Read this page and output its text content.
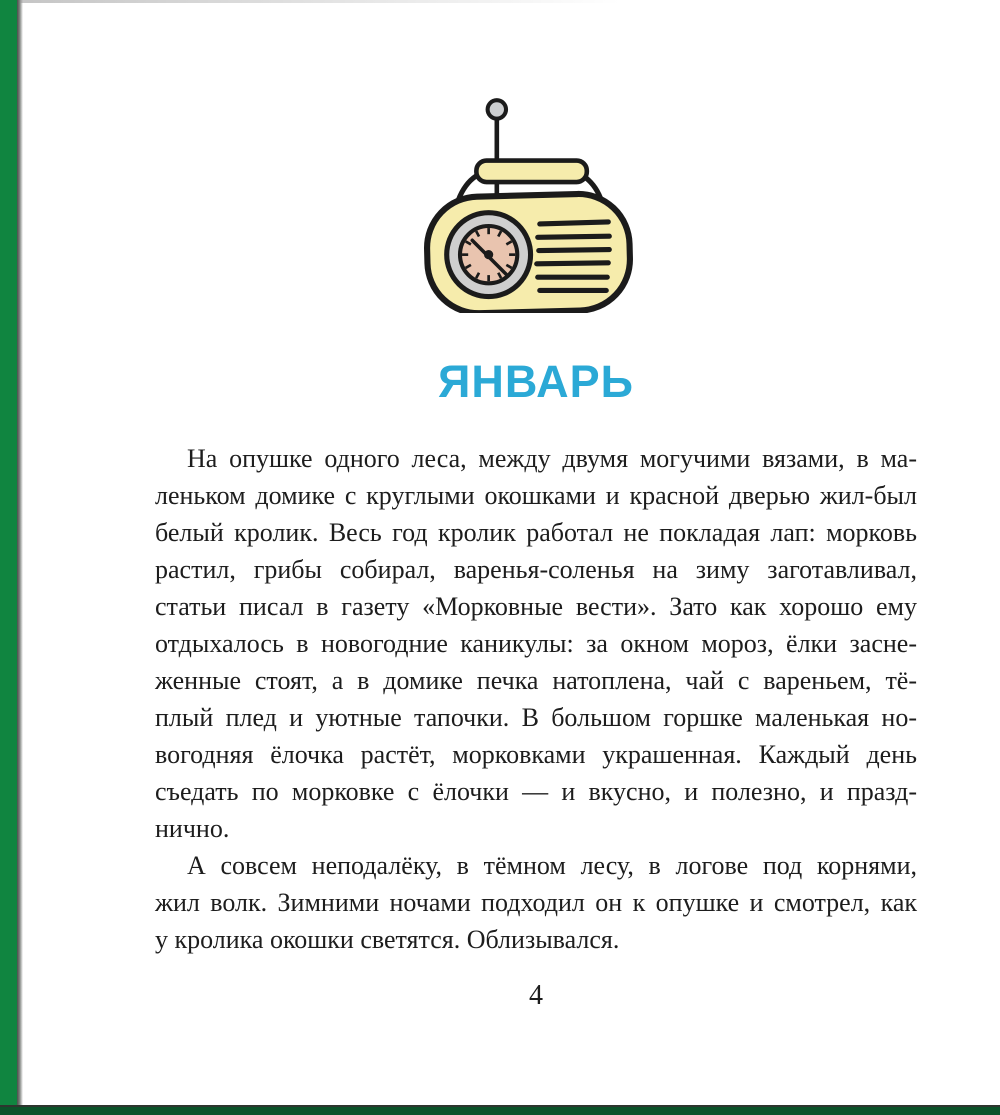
ЯНВАРЬ
На опушке одного леса, между двумя могучими вязами, в ма-
леньком домике с круглыми окошками и красной дверью жил-был
белый кролик. Весь год кролик работал не покладая лап: морковь
растил, грибы собирал, варенья-соленья на зиму заготавливал,
статьи писал в газету «Морковные вести». Зато как хорошо ему
отдыхалось в новогодние каникулы: за окном мороз, ёлки засне-
женные стоят, а в домике печка натоплена, чай с вареньем, тё-
плый плед и уютные тапочки. В большом горшке маленькая но-
вогодняя ёлочка растёт, морковками украшенная. Каждый день
съедать по морковке с ёлочки — и вкусно, и полезно, и празд-
нично.
А совсем неподалёку, в тёмном лесу, в логове под корнями,
жил волк. Зимними ночами подходил он к опушке и смотрел, как
у кролика окошки светятся. Облизывался.
4
